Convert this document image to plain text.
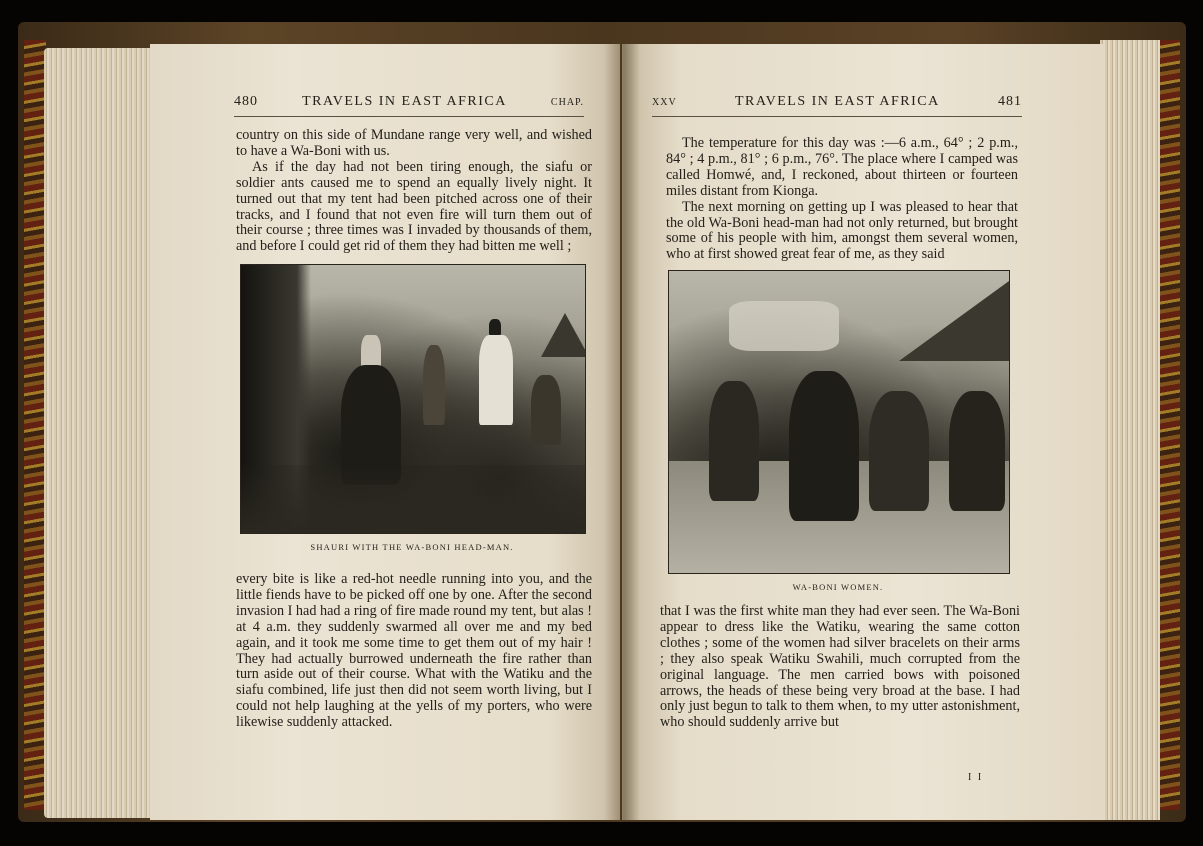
480	TRAVELS IN EAST AFRICA	CHAP.

country on this side of Mundane range very well, and wished to have a Wa-Boni with us.

As if the day had not been tiring enough, the siafu or soldier ants caused me to spend an equally lively night. It turned out that my tent had been pitched across one of their tracks, and I found that not even fire will turn them out of their course ; three times was I invaded by thousands of them, and before I could get rid of them they had bitten me well ;

SHAURI WITH THE WA-BONI HEAD-MAN.

every bite is like a red-hot needle running into you, and the little fiends have to be picked off one by one. After the second invasion I had had a ring of fire made round my tent, but alas ! at 4 a.m. they suddenly swarmed all over me and my bed again, and it took me some time to get them out of my hair ! They had actually burrowed underneath the fire rather than turn aside out of their course. What with the Watiku and the siafu combined, life just then did not seem worth living, but I could not help laughing at the yells of my porters, who were likewise suddenly attacked.

XXV	TRAVELS IN EAST AFRICA	481

The temperature for this day was :—6 a.m., 64° ; 2 p.m., 84° ; 4 p.m., 81° ; 6 p.m., 76°. The place where I camped was called Homwé, and, I reckoned, about thirteen or fourteen miles distant from Kionga.

The next morning on getting up I was pleased to hear that the old Wa-Boni head-man had not only returned, but brought some of his people with him, amongst them several women, who at first showed great fear of me, as they said

WA-BONI WOMEN.

that I was the first white man they had ever seen. The Wa-Boni appear to dress like the Watiku, wearing the same cotton clothes ; some of the women had silver bracelets on their arms ; they also speak Watiku Swahili, much corrupted from the original language. The men carried bows with poisoned arrows, the heads of these being very broad at the base. I had only just begun to talk to them when, to my utter astonishment, who should suddenly arrive but

I I
